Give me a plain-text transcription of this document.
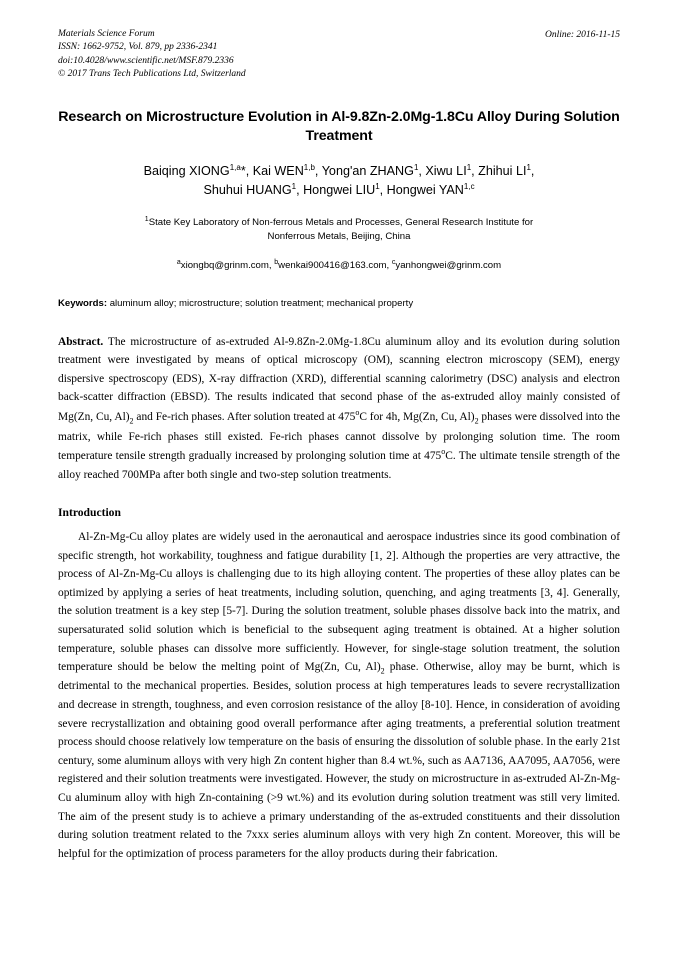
Materials Science Forum
ISSN: 1662-9752, Vol. 879, pp 2336-2341
doi:10.4028/www.scientific.net/MSF.879.2336
© 2017 Trans Tech Publications Ltd, Switzerland
Online: 2016-11-15
Research on Microstructure Evolution in Al-9.8Zn-2.0Mg-1.8Cu Alloy During Solution Treatment
Baiqing XIONG$^{1,a}$*, Kai WEN$^{1,b}$, Yong'an ZHANG$^1$, Xiwu $LI^1$, Zhihui $LI^1$,
Shuhui HUANG$^1$, Hongwei LIU$^1$, Hongwei YAN$^{1,c}$
$^1$State Key Laboratory of Non-ferrous Metals and Processes, General Research Institute for
Nonferrous Metals, Beijing, China
$^a$xiongbq@grinm.com, $^b$wenkai900416@163.com, $^c$yanhongwei@grinm.com
Keywords: aluminum alloy; microstructure; solution treatment; mechanical property
Abstract. The microstructure of as-extruded Al-9.8Zn-2.0Mg-1.8Cu aluminum alloy and its evolution during solution treatment were investigated by means of optical microscopy (OM), scanning electron microscopy (SEM), energy dispersive spectroscopy (EDS), X-ray diffraction (XRD), differential scanning calorimetry (DSC) analysis and electron back-scatter diffraction (EBSD). The results indicated that second phase of the as-extruded alloy mainly consisted of Mg(Zn, Cu, $Al)_2$ and Fe-rich phases. After solution treated at 475$^o$C for 4h, Mg(Zn, Cu, $Al)_2$ phases were dissolved into the matrix, while Fe-rich phases still existed. Fe-rich phases cannot dissolve by prolonging solution time. The room temperature tensile strength gradually increased by prolonging solution time at 475$^o$C. The ultimate tensile strength of the alloy reached 700MPa after both single and two-step solution treatments.
Introduction
Al-Zn-Mg-Cu alloy plates are widely used in the aeronautical and aerospace industries since its good combination of specific strength, hot workability, toughness and fatigue durability [1, 2]. Although the properties are very attractive, the process of Al-Zn-Mg-Cu alloys is challenging due to its high alloying content. The properties of these alloy plates can be optimized by applying a series of heat treatments, including solution, quenching, and aging treatments [3, 4]. Generally, the solution treatment is a key step [5-7]. During the solution treatment, soluble phases dissolve back into the matrix, and supersaturated solid solution which is beneficial to the subsequent aging treatment is obtained. At a higher solution temperature, soluble phases can dissolve more sufficiently. However, for single-stage solution treatment, the solution temperature should be below the melting point of Mg(Zn, Cu, $Al)_2$ phase. Otherwise, alloy may be burnt, which is detrimental to the mechanical properties. Besides, solution process at high temperatures leads to severe recrystallization and decrease in strength, toughness, and even corrosion resistance of the alloy [8-10]. Hence, in consideration of avoiding severe recrystallization and obtaining good overall performance after aging treatments, a preferential solution treatment process should choose relatively low temperature on the basis of ensuring the dissolution of soluble phase. In the early 21st century, some aluminum alloys with very high Zn content higher than 8.4 wt.%, such as AA7136, AA7095, AA7056, were registered and their solution treatments were investigated. However, the study on microstructure in as-extruded Al-Zn-Mg-Cu aluminum alloy with high Zn-containing (>9 wt.%) and its evolution during solution treatment was still very limited. The aim of the present study is to achieve a primary understanding of the as-extruded constituents and their dissolution during solution treatment related to the 7xxx series aluminum alloys with very high Zn content. Moreover, this will be helpful for the optimization of process parameters for the alloy products during their fabrication.
